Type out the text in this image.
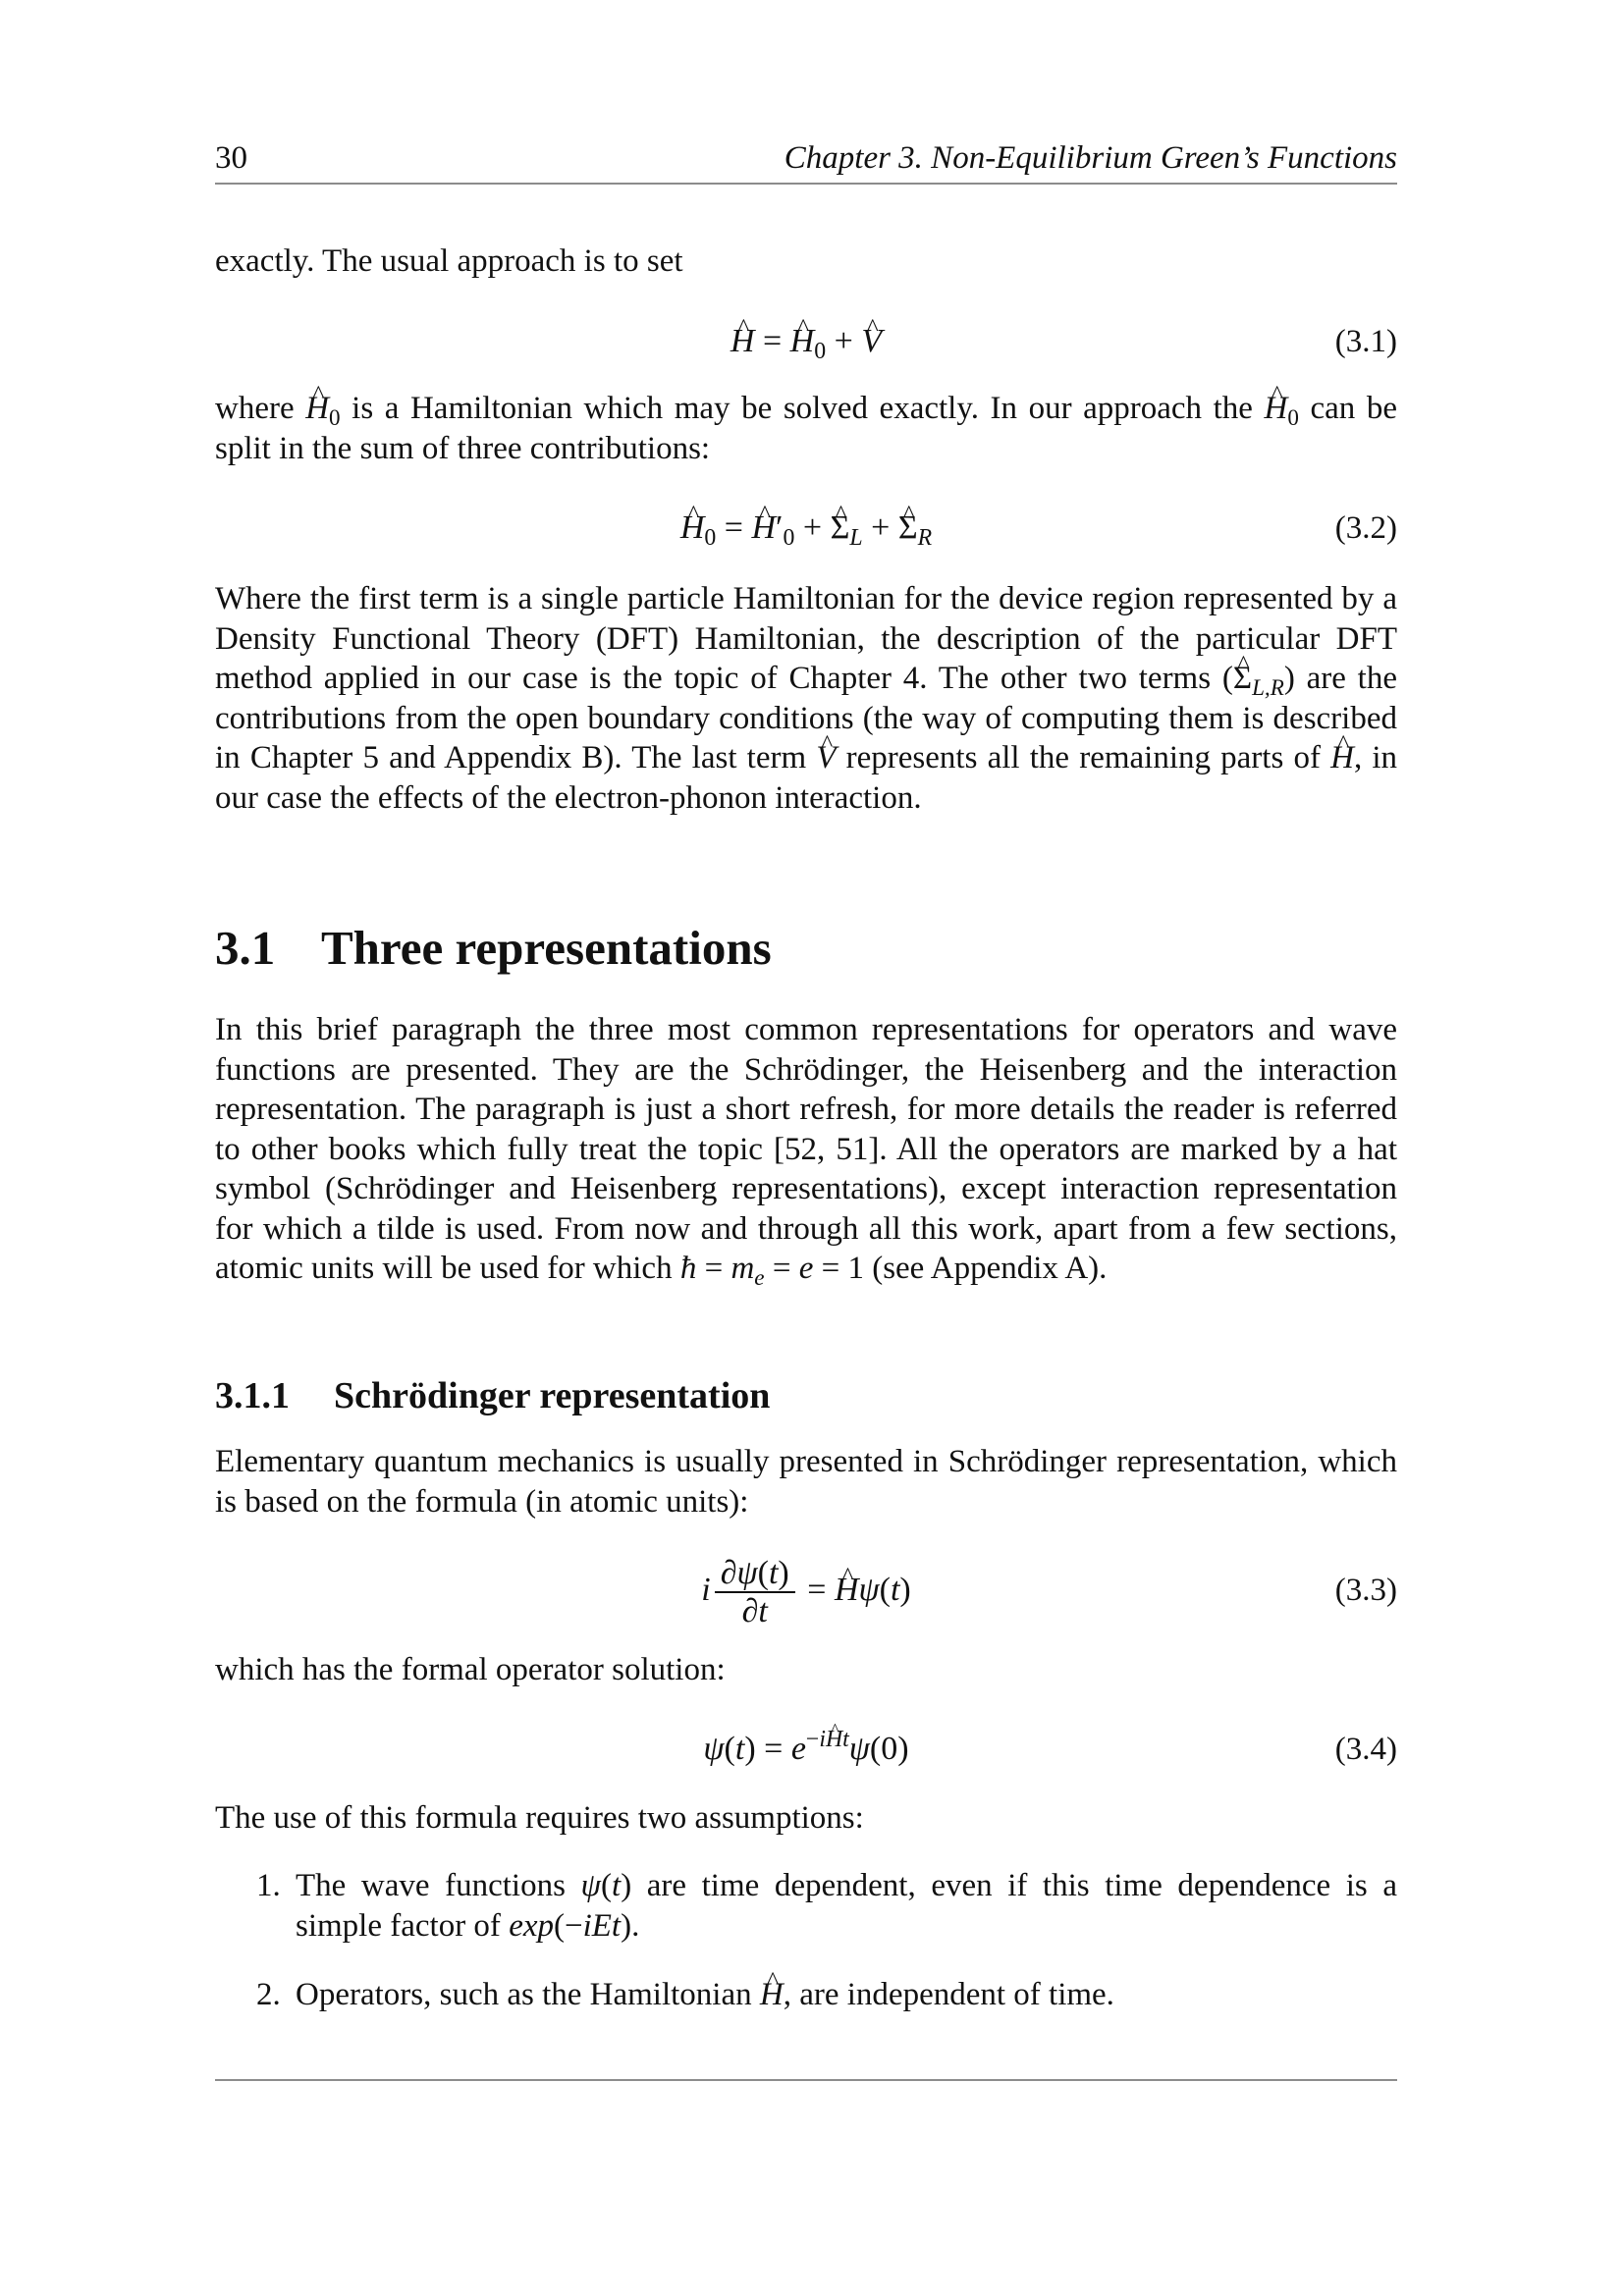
30	Chapter 3. Non-Equilibrium Green’s Functions

exactly. The usual approach is to set

H ^ = H $\^{}_0 + V$ ^	(3.1)

where H $\^{}_0$ is a Hamiltonian which may be solved exactly. In our approach the H $\^{}_0$ can be split in the sum of three contributions:

H $\^{}_0 = H$ $\^{}'_0 + \Sigma$ $\^{}_L + \Sigma$ $\^{}_R$	(3.2)

Where the first term is a single particle Hamiltonian for the device region represented by a Density Functional Theory (DFT) Hamiltonian, the description of the particular DFT method applied in our case is the topic of Chapter 4. The other two terms (Σ $\^{}_{L,R}$) are the contributions from the open boundary conditions (the way of computing them is described in Chapter 5 and Appendix B). The last term V ^ represents all the remaining parts of H ^, in our case the effects of the electron-phonon interaction.

3.1 Three representations

In this brief paragraph the three most common representations for operators and wave functions are presented. They are the Schrödinger, the Heisenberg and the interaction representation. The paragraph is just a short refresh, for more details the reader is referred to other books which fully treat the topic [52, 51]. All the operators are marked by a hat symbol (Schrödinger and Heisenberg representations), except interaction representation for which a tilde is used. From now and through all this work, apart from a few sections, atomic units will be used for which ħ = $m_e = e = 1$ (see Appendix A).

3.1.1 Schrödinger representation

Elementary quantum mechanics is usually presented in Schrödinger representation, which is based on the formula (in atomic units):

i $\frac{\partial\psi(t)}{\partial t} = H$ ^ψ(t)	(3.3)

which has the formal operator solution:

$\psi(t) = e^{-iHt}\psi(0)$	(3.4)

The use of this formula requires two assumptions:

1. The wave functions ψ(t) are time dependent, even if this time dependence is a simple factor of exp(−iEt).
2. Operators, such as the Hamiltonian H ^, are independent of time.
